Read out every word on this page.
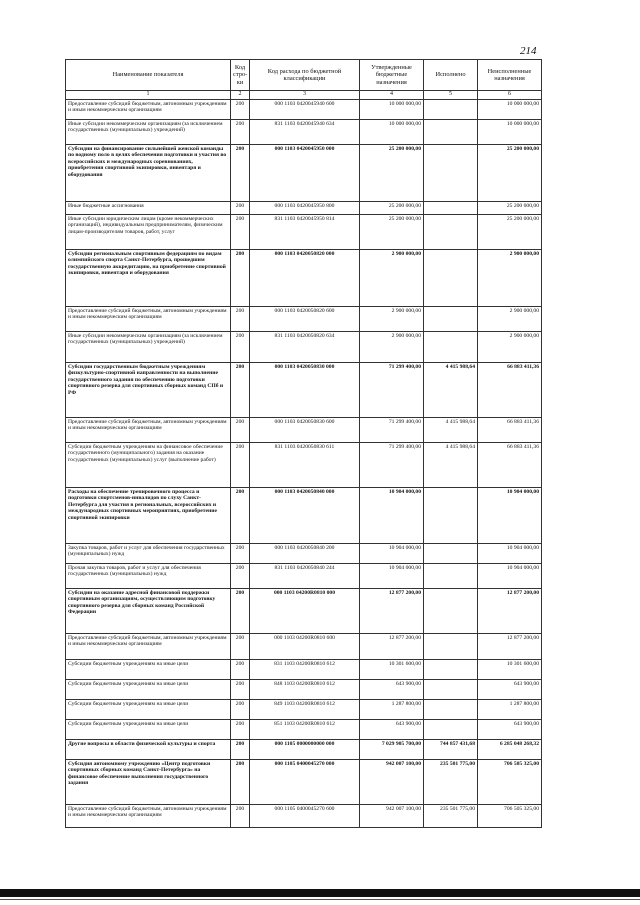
214
Наименование показателя	Код стро- ки	Код расхода по бюджетной классификации	Утвержденные бюджетные назначения	Исполнено	Неисполненные назначения
1	2	3	4	5	6
Предоставление субсидий бюджетным, автономным учреждениям и иным некоммерческим организациям	200	000 1103 0420045940 600	10 000 000,00		10 000 000,00
Иные субсидии некоммерческим организациям (за исключением государственных (муниципальных) учреждений)	200	831 1103 0420045940 634	10 000 000,00		10 000 000,00
Субсидии на финансирование сильнейшей женской команды по водному поло в целях обеспечения подготовки и участия во всероссийских и международных соревнованиях, приобретения спортивной экипировки, инвентаря и оборудования	200	000 1103 0420045950 000	25 200 000,00		25 200 000,00
Иные бюджетные ассигнования	200	000 1103 0420045950 800	25 200 000,00		25 200 000,00
Иные субсидии юридическим лицам (кроме некоммерческих организаций), индивидуальным предпринимателям, физическим лицам-производителям товаров, работ, услуг	200	831 1103 0420045950 814	25 200 000,00		25 200 000,00
Субсидии региональным спортивным федерациям по видам олимпийского спорта Санкт-Петербурга, прошедшим государственную аккредитацию, на приобретение спортивной экипировки, инвентаря и оборудования	200	000 1103 0420050820 000	2 900 000,00		2 900 000,00
Предоставление субсидий бюджетным, автономным учреждениям и иным некоммерческим организациям	200	000 1103 0420050820 600	2 900 000,00		2 900 000,00
Иные субсидии некоммерческим организациям (за исключением государственных (муниципальных) учреждений)	200	831 1103 0420050820 634	2 900 000,00		2 900 000,00
Субсидии государственным бюджетным учреждениям физкультурно-спортивной направленности на выполнение государственного задания по обеспечению подготовки спортивного резерва для спортивных сборных команд СПб и РФ	200	000 1103 0420050830 000	71 299 400,00	4 415 988,64	66 883 411,36
Предоставление субсидий бюджетным, автономным учреждениям и иным некоммерческим организациям	200	000 1103 0420050830 600	71 299 400,00	4 415 988,64	66 883 411,36
Субсидии бюджетным учреждениям на финансовое обеспечение государственного (муниципального) задания на оказание государственных (муниципальных) услуг (выполнение работ)	200	831 1103 0420050830 611	71 299 400,00	4 415 988,64	66 883 411,36
Расходы на обеспечение тренировочного процесса и подготовки спортсменов-инвалидов по слуху Санкт-Петербурга для участия в региональных, всероссийских и международных спортивных мероприятиях, приобретение спортивной экипировки	200	000 1103 0420050840 000	10 904 000,00		10 904 000,00
Закупка товаров, работ и услуг для обеспечения государственных (муниципальных) нужд	200	000 1103 0420050840 200	10 904 000,00		10 904 000,00
Прочая закупка товаров, работ и услуг для обеспечения государственных (муниципальных) нужд	200	831 1103 0420050840 244	10 904 000,00		10 904 000,00
Субсидии на оказание адресной финансовой поддержки спортивным организациям, осуществляющим подготовку спортивного резерва для сборных команд Российской Федерации	200	000 1103 04200R0810 000	12 877 200,00		12 877 200,00
Предоставление субсидий бюджетным, автономным учреждениям и иным некоммерческим организациям	200	000 1103 04200R0810 600	12 877 200,00		12 877 200,00
Субсидии бюджетным учреждениям на иные цели	200	831 1103 04200R0810 612	10 301 600,00		10 301 600,00
Субсидии бюджетным учреждениям на иные цели	200	848 1103 04200R0810 612	643 900,00		643 900,00
Субсидии бюджетным учреждениям на иные цели	200	849 1103 04200R0810 612	1 287 800,00		1 287 800,00
Субсидии бюджетным учреждениям на иные цели	200	851 1103 04200R0810 612	643 900,00		643 900,00
Другие вопросы в области физической культуры и спорта	200	000 1105 0000000000 000	7 029 905 700,00	744 857 431,68	6 285 048 268,32
Субсидия автономному учреждению «Центр подготовки спортивных сборных команд Санкт-Петербурга» на финансовое обеспечение выполнения государственного задания	200	000 1105 0400045270 000	942 007 100,00	235 501 775,00	706 505 325,00
Предоставление субсидий бюджетным, автономным учреждениям и иным некоммерческим организациям	200	000 1105 0400045270 600	942 007 100,00	235 501 775,00	706 505 325,00
